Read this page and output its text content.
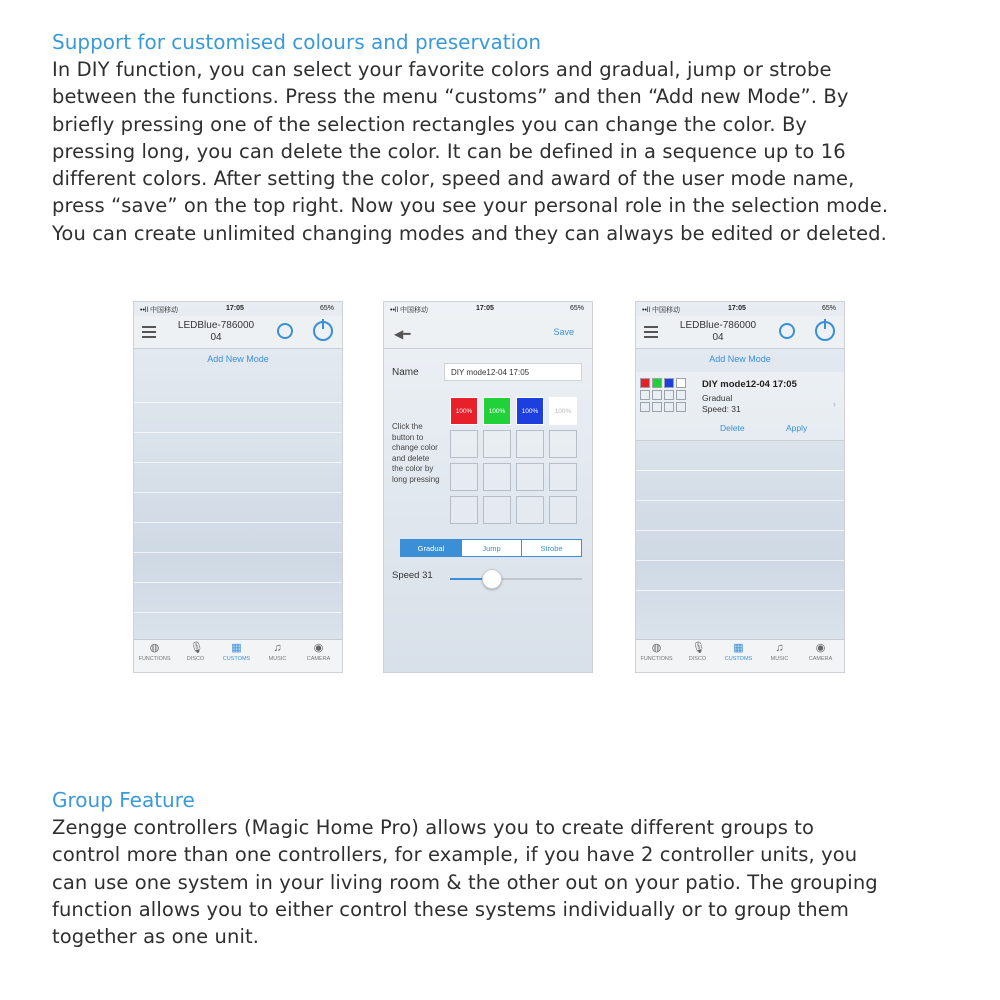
Support for customised colours and preservation
In DIY function, you can select your favorite colors and gradual, jump or strobe
between the functions. Press the menu “customs” and then “Add new Mode”. By
briefly pressing one of the selection rectangles you can change the color. By
pressing long, you can delete the color. It can be defined in a sequence up to 16
different colors. After setting the color, speed and award of the user mode name,
press “save” on the top right. Now you see your personal role in the selection mode.
You can create unlimited changing modes and they can always be edited or deleted.
••ll 中国移动	17:05	65%
LEDBlue-786000
04
Add New Mode
◍
FUNCTIONS
🎙
DISCO
▦
CUSTOMS
♫
MUSIC
◉
CAMERA
••ll 中国移动	17:05	65%
◀━	Save
Name	DIY mode12-04 17:05
Click the button to change color and delete the color by long pressing
100%	100%	100%	100%
Gradual	Jump	Strobe
Speed 31
••ll 中国移动	17:05	65%
LEDBlue-786000
04
Add New Mode
DIY mode12-04 17:05
Gradual
Speed: 31	›
Delete	Apply
◍
FUNCTIONS
🎙
DISCO
▦
CUSTOMS
♫
MUSIC
◉
CAMERA
Group Feature
Zengge controllers (Magic Home Pro) allows you to create different groups to
control more than one controllers, for example, if you have 2 controller units, you
can use one system in your living room & the other out on your patio. The grouping
function allows you to either control these systems individually or to group them
together as one unit.
